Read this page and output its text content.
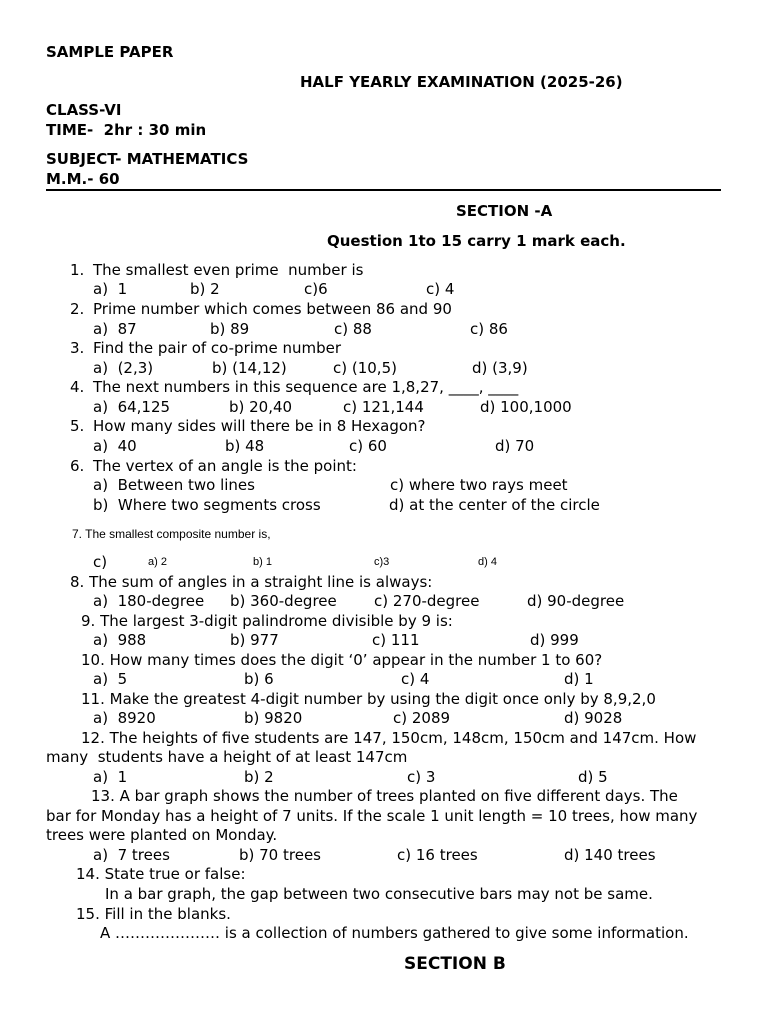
SAMPLE PAPER
HALF YEARLY EXAMINATION (2025-26)
CLASS-VI
TIME-  2hr : 30 min
SUBJECT- MATHEMATICS
M.M.- 60
SECTION -A
Question 1to 15 carry 1 mark each.
1. The smallest even prime  number is
a)  1	b) 2	c)6	c) 4
2. Prime number which comes between 86 and 90
a)  87	b) 89	c) 88	c) 86
3. Find the pair of co-prime number
a)  (2,3)	b) (14,12)	c) (10,5)	d) (3,9)
4. The next numbers in this sequence are 1,8,27, ____, ____
a)  64,125	b) 20,40	c) 121,144	d) 100,1000
5. How many sides will there be in 8 Hexagon?
a)  40	b) 48	c) 60	d) 70
6. The vertex of an angle is the point:
a)  Between two lines	c) where two rays meet
b)  Where two segments cross	d) at the center of the circle
7. The smallest composite number is,
c)	a) 2	b) 1	c)3	d) 4
8. The sum of angles in a straight line is always:
a)  180-degree b) 360-degree c) 270-degree	d) 90-degree
9. The largest 3-digit palindrome divisible by 9 is:
a)  988	b) 977	c) 111	d) 999
10. How many times does the digit ‘0’ appear in the number 1 to 60?
a)  5	b) 6	c) 4	d) 1
11. Make the greatest 4-digit number by using the digit once only by 8,9,2,0
a)  8920	b) 9820	c) 2089	d) 9028
12. The heights of five students are 147, 150cm, 148cm, 150cm and 147cm. How
many  students have a height of at least 147cm
a)  1	b) 2	c) 3	d) 5
13. A bar graph shows the number of trees planted on five different days. The
bar for Monday has a height of 7 units. If the scale 1 unit length = 10 trees, how many
trees were planted on Monday.
a)  7 trees	b) 70 trees	c) 16 trees	d) 140 trees
14. State true or false:
In a bar graph, the gap between two consecutive bars may not be same.
15. Fill in the blanks.
A ………………… is a collection of numbers gathered to give some information.
SECTION B
